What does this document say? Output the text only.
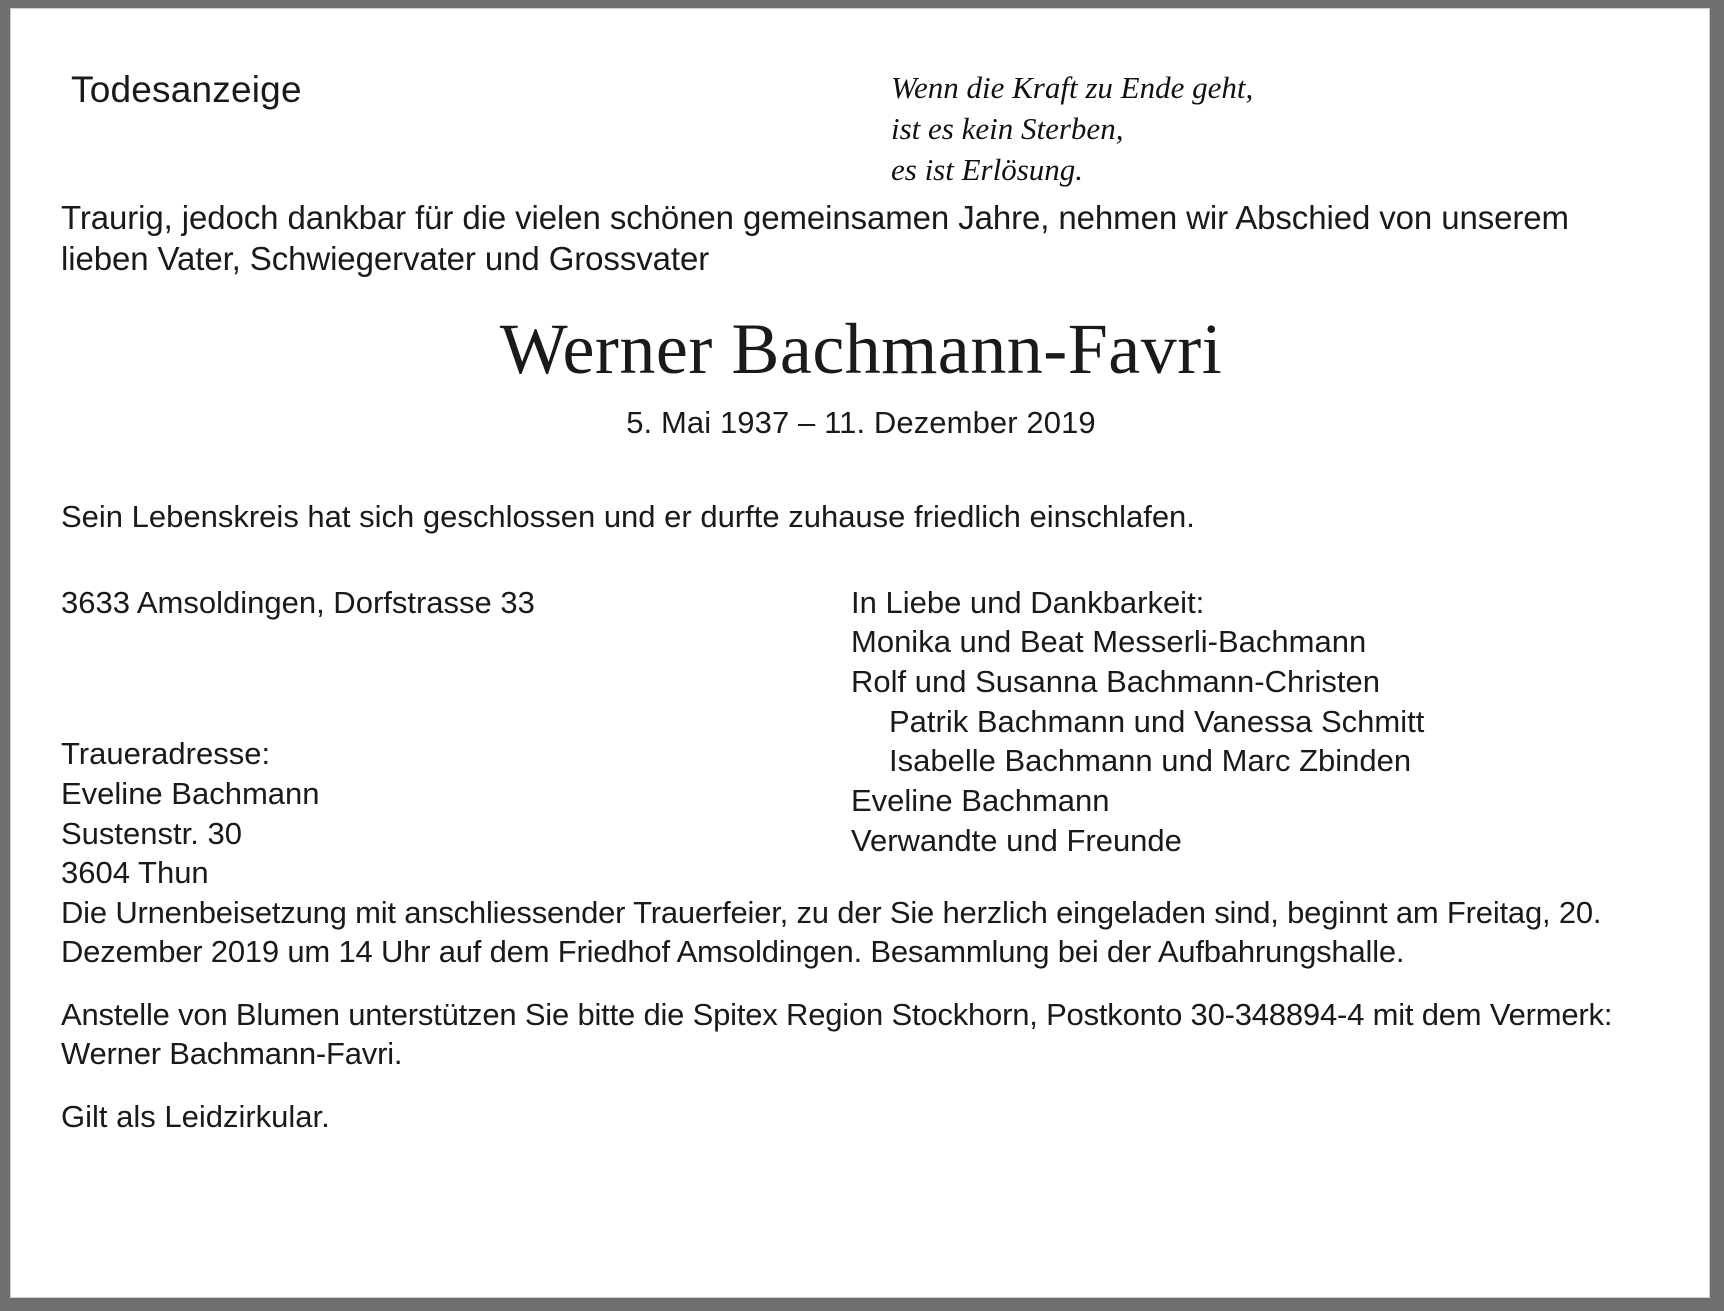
Todesanzeige	Wenn die Kraft zu Ende geht,
ist es kein Sterben,
es ist Erlösung.
Traurig, jedoch dankbar für die vielen schönen gemeinsamen Jahre, nehmen wir Abschied von unserem lieben Vater, Schwiegervater und Grossvater
Werner Bachmann-Favri
5. Mai 1937 – 11. Dezember 2019
Sein Lebenskreis hat sich geschlossen und er durfte zuhause friedlich einschlafen.
3633 Amsoldingen, Dorfstrasse 33
Traueradresse:
Eveline Bachmann
Sustenstr. 30
3604 Thun
In Liebe und Dankbarkeit:
Monika und Beat Messerli-Bachmann
Rolf und Susanna Bachmann-Christen
Patrik Bachmann und Vanessa Schmitt
Isabelle Bachmann und Marc Zbinden
Eveline Bachmann
Verwandte und Freunde

Die Urnenbeisetzung mit anschliessender Trauerfeier, zu der Sie herzlich eingeladen sind, beginnt am Freitag, 20. Dezember 2019 um 14 Uhr auf dem Friedhof Amsoldingen. Besammlung bei der Aufbahrungshalle.

Anstelle von Blumen unterstützen Sie bitte die Spitex Region Stockhorn, Postkonto 30-348894-4 mit dem Vermerk: Werner Bachmann-Favri.

Gilt als Leidzirkular.
